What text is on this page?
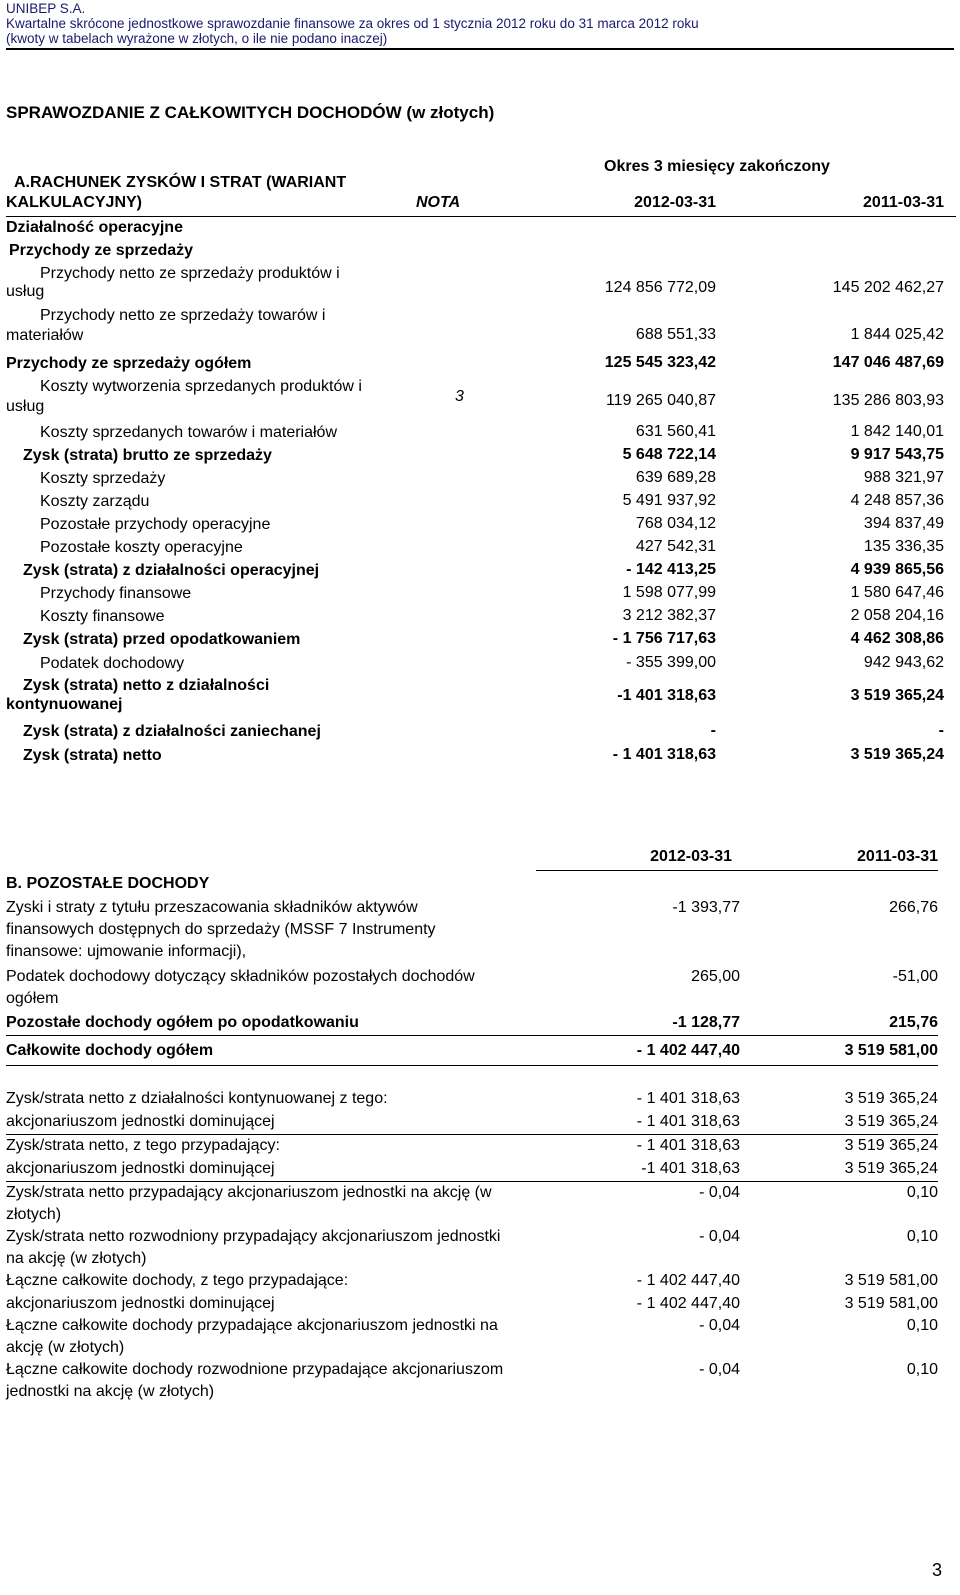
UNIBEP S.A.
Kwartalne skrócone jednostkowe sprawozdanie finansowe za okres od 1 stycznia 2012 roku do 31 marca 2012 roku
(kwoty w tabelach wyrażone w złotych, o ile nie podano inaczej)
SPRAWOZDANIE Z CAŁKOWITYCH DOCHODÓW (w złotych)
Okres 3 miesięcy zakończony
A.RACHUNEK ZYSKÓW I STRAT (WARIANT
KALKULACYJNY)	NOTA	2012-03-31	2011-03-31
Działalność operacyjne
Przychody ze sprzedaży
Przychody netto ze sprzedaży produktów i
usług	124 856 772,09	145 202 462,27
Przychody netto ze sprzedaży towarów i
materiałów	688 551,33	1 844 025,42
Przychody ze sprzedaży ogółem	125 545 323,42	147 046 487,69
Koszty wytworzenia sprzedanych produktów i
usług
3	119 265 040,87	135 286 803,93
Koszty sprzedanych towarów i materiałów	631 560,41	1 842 140,01
Zysk (strata) brutto ze sprzedaży	5 648 722,14	9 917 543,75
Koszty sprzedaży	639 689,28	988 321,97
Koszty zarządu	5 491 937,92	4 248 857,36
Pozostałe przychody operacyjne	768 034,12	394 837,49
Pozostałe koszty operacyjne	427 542,31	135 336,35
Zysk (strata) z działalności operacyjnej	- 142 413,25	4 939 865,56
Przychody finansowe	1 598 077,99	1 580 647,46
Koszty finansowe	3 212 382,37	2 058 204,16
Zysk (strata) przed opodatkowaniem	- 1 756 717,63	4 462 308,86
Podatek dochodowy	- 355 399,00	942 943,62
Zysk (strata) netto z działalności
kontynuowanej
-1 401 318,63	3 519 365,24
Zysk (strata) z działalności zaniechanej	-	-
Zysk (strata) netto	- 1 401 318,63	3 519 365,24
2012-03-31	2011-03-31
B. POZOSTAŁE DOCHODY
Zyski i straty z tytułu przeszacowania składników aktywów finansowych dostępnych do sprzedaży (MSSF 7 Instrumenty finansowe: ujmowanie informacji),
-1 393,77	266,76
Podatek dochodowy dotyczący składników pozostałych dochodów ogółem
265,00	-51,00
Pozostałe dochody ogółem po opodatkowaniu	-1 128,77	215,76
Całkowite dochody ogółem	- 1 402 447,40	3 519 581,00
Zysk/strata netto z działalności kontynuowanej z tego:	- 1 401 318,63	3 519 365,24
akcjonariuszom jednostki dominującej	- 1 401 318,63	3 519 365,24
Zysk/strata netto, z tego przypadający:	- 1 401 318,63	3 519 365,24
akcjonariuszom jednostki dominującej	-1 401 318,63	3 519 365,24
Zysk/strata netto przypadający akcjonariuszom jednostki na akcję (w złotych)
- 0,04	0,10
Zysk/strata netto rozwodniony przypadający akcjonariuszom jednostki na akcję (w złotych)
- 0,04	0,10
Łączne całkowite dochody, z tego przypadające:	- 1 402 447,40	3 519 581,00
akcjonariuszom jednostki dominującej	- 1 402 447,40	3 519 581,00
Łączne całkowite dochody przypadające akcjonariuszom jednostki na akcję (w złotych)
- 0,04	0,10
Łączne całkowite dochody rozwodnione przypadające akcjonariuszom jednostki na akcję (w złotych)
- 0,04	0,10
3
